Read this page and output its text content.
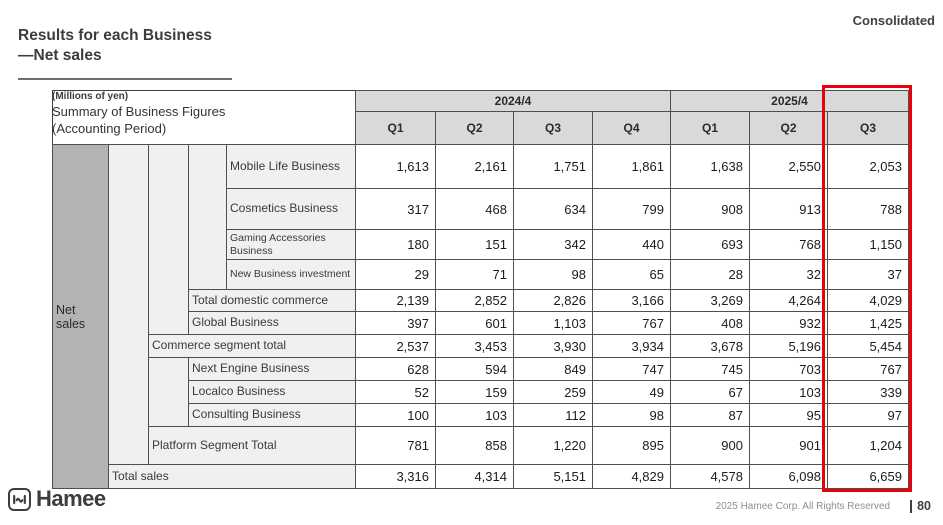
Results for each Business
—Net sales
Consolidated
(Millions of yen)
Summary of Business Figures
(Accounting Period)
					2024/4				2025/4		
					Q1	Q2	Q3	Q4	Q1	Q2	Q3
Net sales				Mobile Life Business	1,613	2,161	1,751	1,861	1,638	2,550	2,053
				Cosmetics Business	317	468	634	799	908	913	788
				Gaming Accessories Business	180	151	342	440	693	768	1,150
				New Business investment	29	71	98	65	28	32	37
			Total domestic commerce		2,139	2,852	2,826	3,166	3,269	4,264	4,029
			Global Business		397	601	1,103	767	408	932	1,425
		Commerce segment total			2,537	3,453	3,930	3,934	3,678	5,196	5,454
			Next Engine Business		628	594	849	747	745	703	767
			Localco Business		52	159	259	49	67	103	339
			Consulting Business		100	103	112	98	87	95	97
		Platform Segment Total			781	858	1,220	895	900	901	1,204
	Total sales				3,316	4,314	5,151	4,829	4,578	6,098	6,659
Hamee	2025 Hamee Corp. All Rights Reserved 80
